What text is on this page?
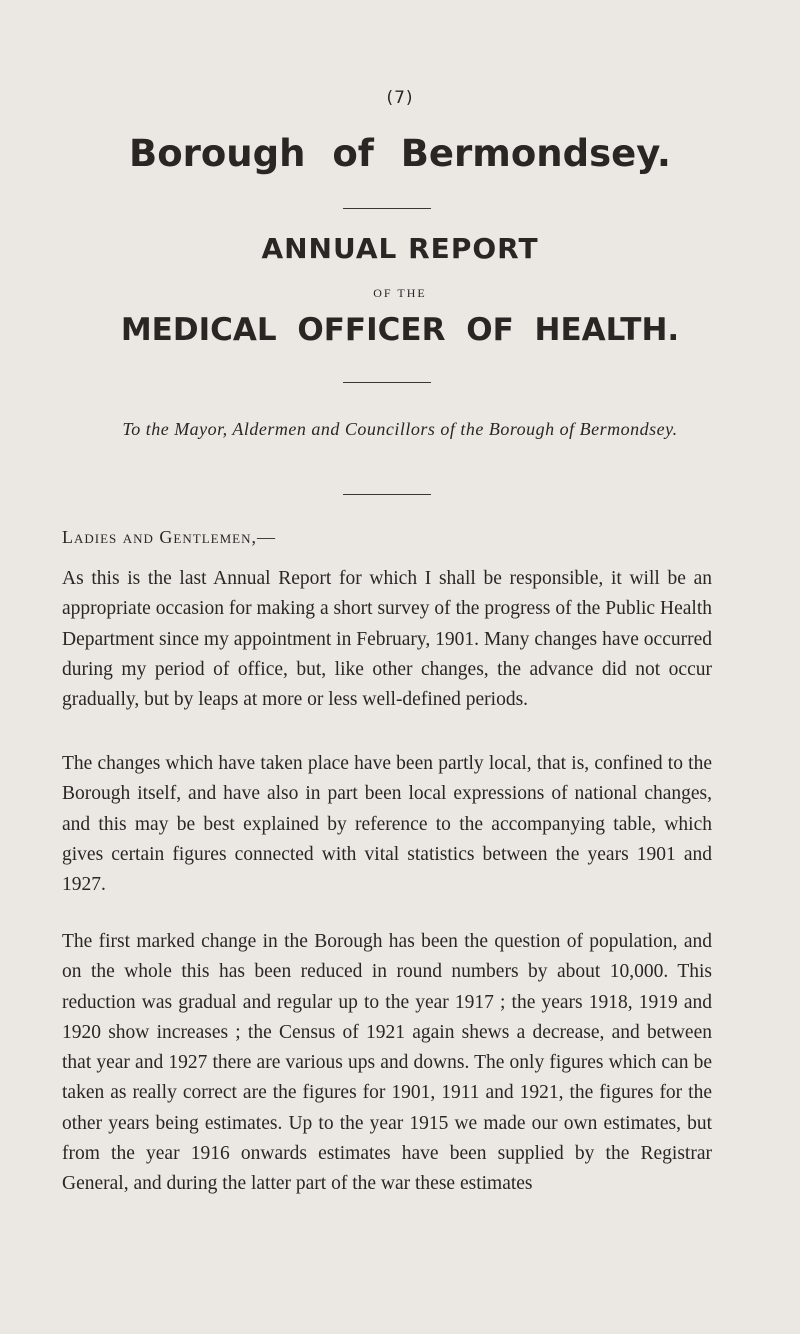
(7)
Borough of Bermondsey.
ANNUAL REPORT
OF THE
MEDICAL OFFICER OF HEALTH.
To the Mayor, Aldermen and Councillors of the Borough of Bermondsey.
Ladies and Gentlemen,—

As this is the last Annual Report for which I shall be responsible, it will be an appropriate occasion for making a short survey of the progress of the Public Health Department since my appointment in February, 1901. Many changes have occurred during my period of office, but, like other changes, the advance did not occur gradually, but by leaps at more or less well-defined periods.

The changes which have taken place have been partly local, that is, confined to the Borough itself, and have also in part been local expressions of national changes, and this may be best explained by reference to the accompanying table, which gives certain figures connected with vital statistics between the years 1901 and 1927.

The first marked change in the Borough has been the question of population, and on the whole this has been reduced in round numbers by about 10,000. This reduction was gradual and regular up to the year 1917 ; the years 1918, 1919 and 1920 show increases ; the Census of 1921 again shews a decrease, and between that year and 1927 there are various ups and downs. The only figures which can be taken as really correct are the figures for 1901, 1911 and 1921, the figures for the other years being estimates. Up to the year 1915 we made our own estimates, but from the year 1916 onwards estimates have been supplied by the Registrar General, and during the latter part of the war these estimates
